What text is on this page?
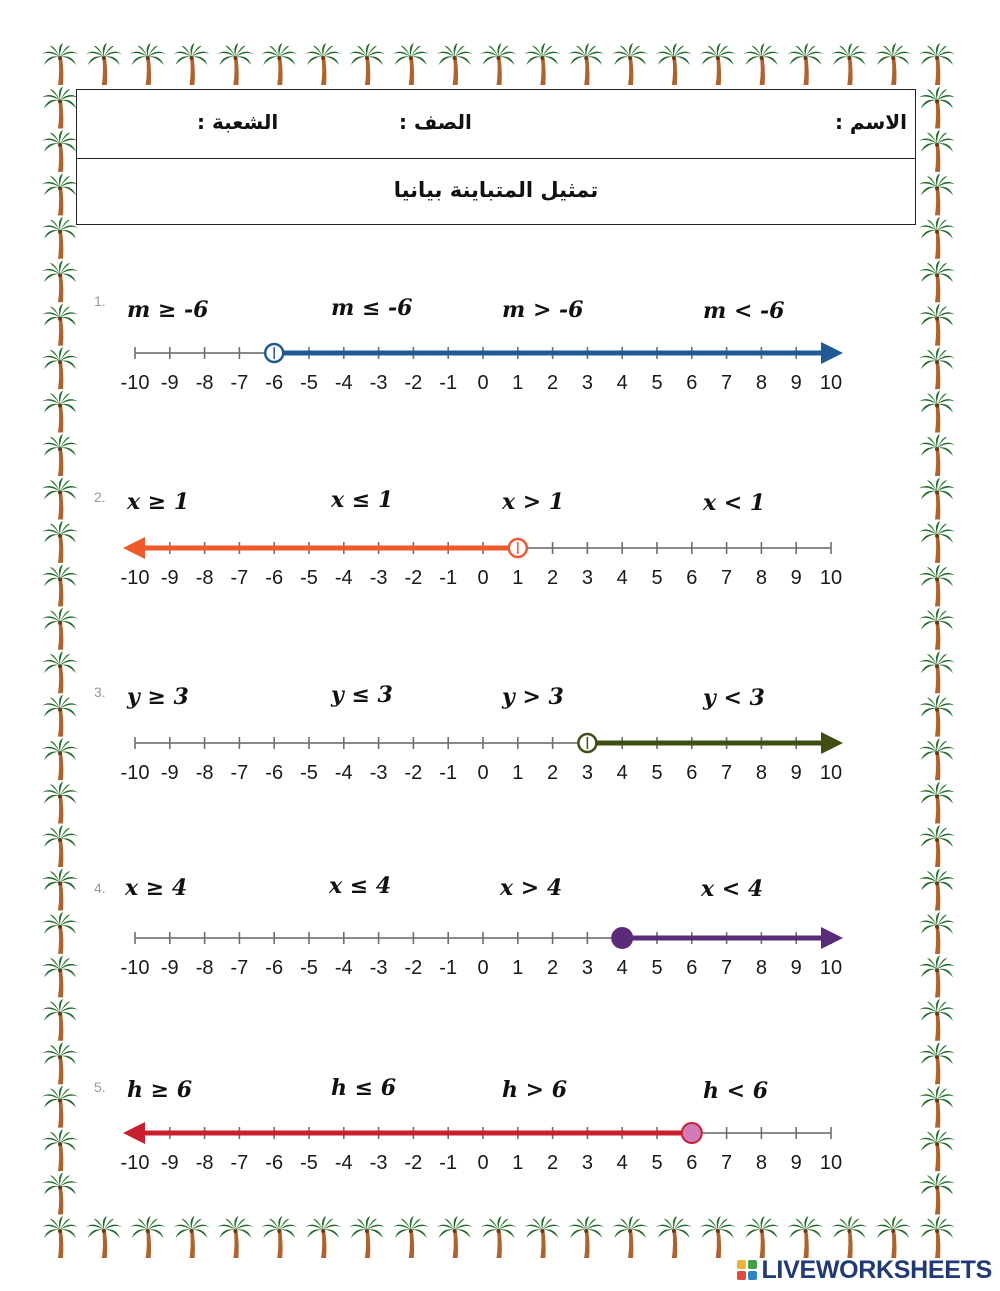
الاسم :
الصف :
الشعبة :
تمثيل المتباينة بيانيا
1. m ≥ -6	m ≤ -6	m > -6	m < -6
-10 -9 -8 -7 -6 -5 -4 -3 -2 -1 0 1 2 3 4 5 6 7 8 9 10
2. x ≥ 1	x ≤ 1	x > 1	x < 1
-10 -9 -8 -7 -6 -5 -4 -3 -2 -1 0 1 2 3 4 5 6 7 8 9 10
3. y ≥ 3	y ≤ 3	y > 3	y < 3
-10 -9 -8 -7 -6 -5 -4 -3 -2 -1 0 1 2 3 4 5 6 7 8 9 10
4. x ≥ 4	x ≤ 4	x > 4	x < 4
-10 -9 -8 -7 -6 -5 -4 -3 -2 -1 0 1 2 3 4 5 6 7 8 9 10
5. h ≥ 6	h ≤ 6	h > 6	h < 6
-10 -9 -8 -7 -6 -5 -4 -3 -2 -1 0 1 2 3 4 5 6 7 8 9 10
LIVEWORKSHEETS
